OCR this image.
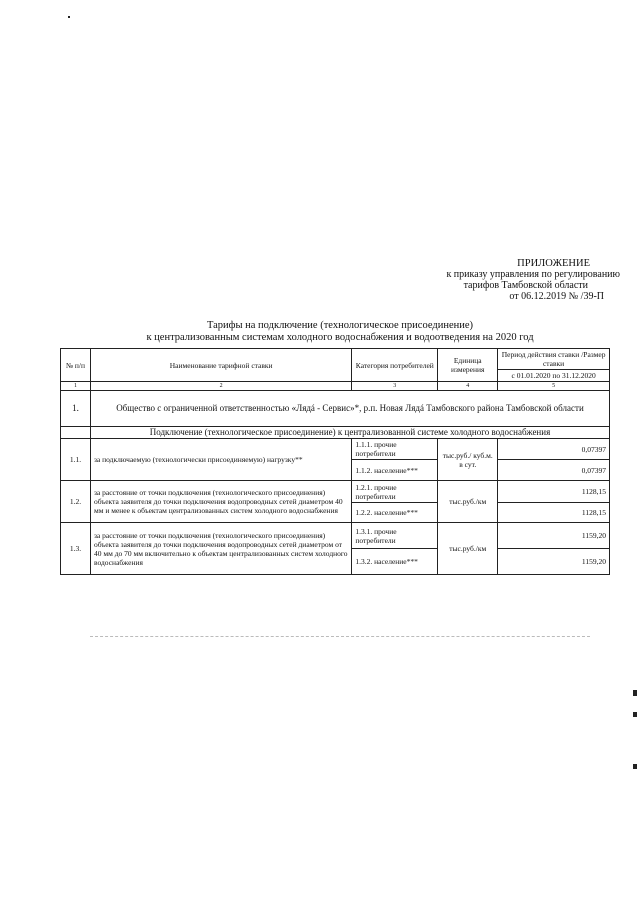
ПРИЛОЖЕНИЕ
к приказу управления по регулированию
тарифов Тамбовской области
от 06.12.2019 № /39-П
Тарифы на подключение (технологическое присоединение)
к централизованным системам холодного водоснабжения и водоотведения на 2020 год
№ п/п	Наименование тарифной ставки	Категория потребителей	Единица измерения	Период действия ставки /Размер ставки
				с 01.01.2020 по 31.12.2020
1	2	3	4	5
1.	Общество с ограниченной ответственностью «Лядá - Сервис»*, р.п. Новая Лядá Тамбовского района Тамбовской области			
	Подключение (технологическое присоединение) к централизованной системе холодного водоснабжения			
1.1.	за подключаемую (технологически присоединяемую) нагрузку**	1.1.1. прочие потребители	тыс.руб./ куб.м. в сут.	0,07397
		1.1.2. население***		0,07397
1.2.	за расстояние от точки подключения (технологического присоединения) объекта заявителя до точки подключения водопроводных сетей диаметром 40 мм и менее к объектам централизованных систем холодного водоснабжения	1.2.1. прочие потребители	тыс.руб./км	1128,15
		1.2.2. население***		1128,15
1.3.	за расстояние от точки подключения (технологического присоединения) объекта заявителя до точки подключения водопроводных сетей диаметром от 40 мм до 70 мм включительно к объектам централизованных систем холодного водоснабжения	1.3.1. прочие потребители	тыс.руб./км	1159,20
		1.3.2. население***		1159,20
